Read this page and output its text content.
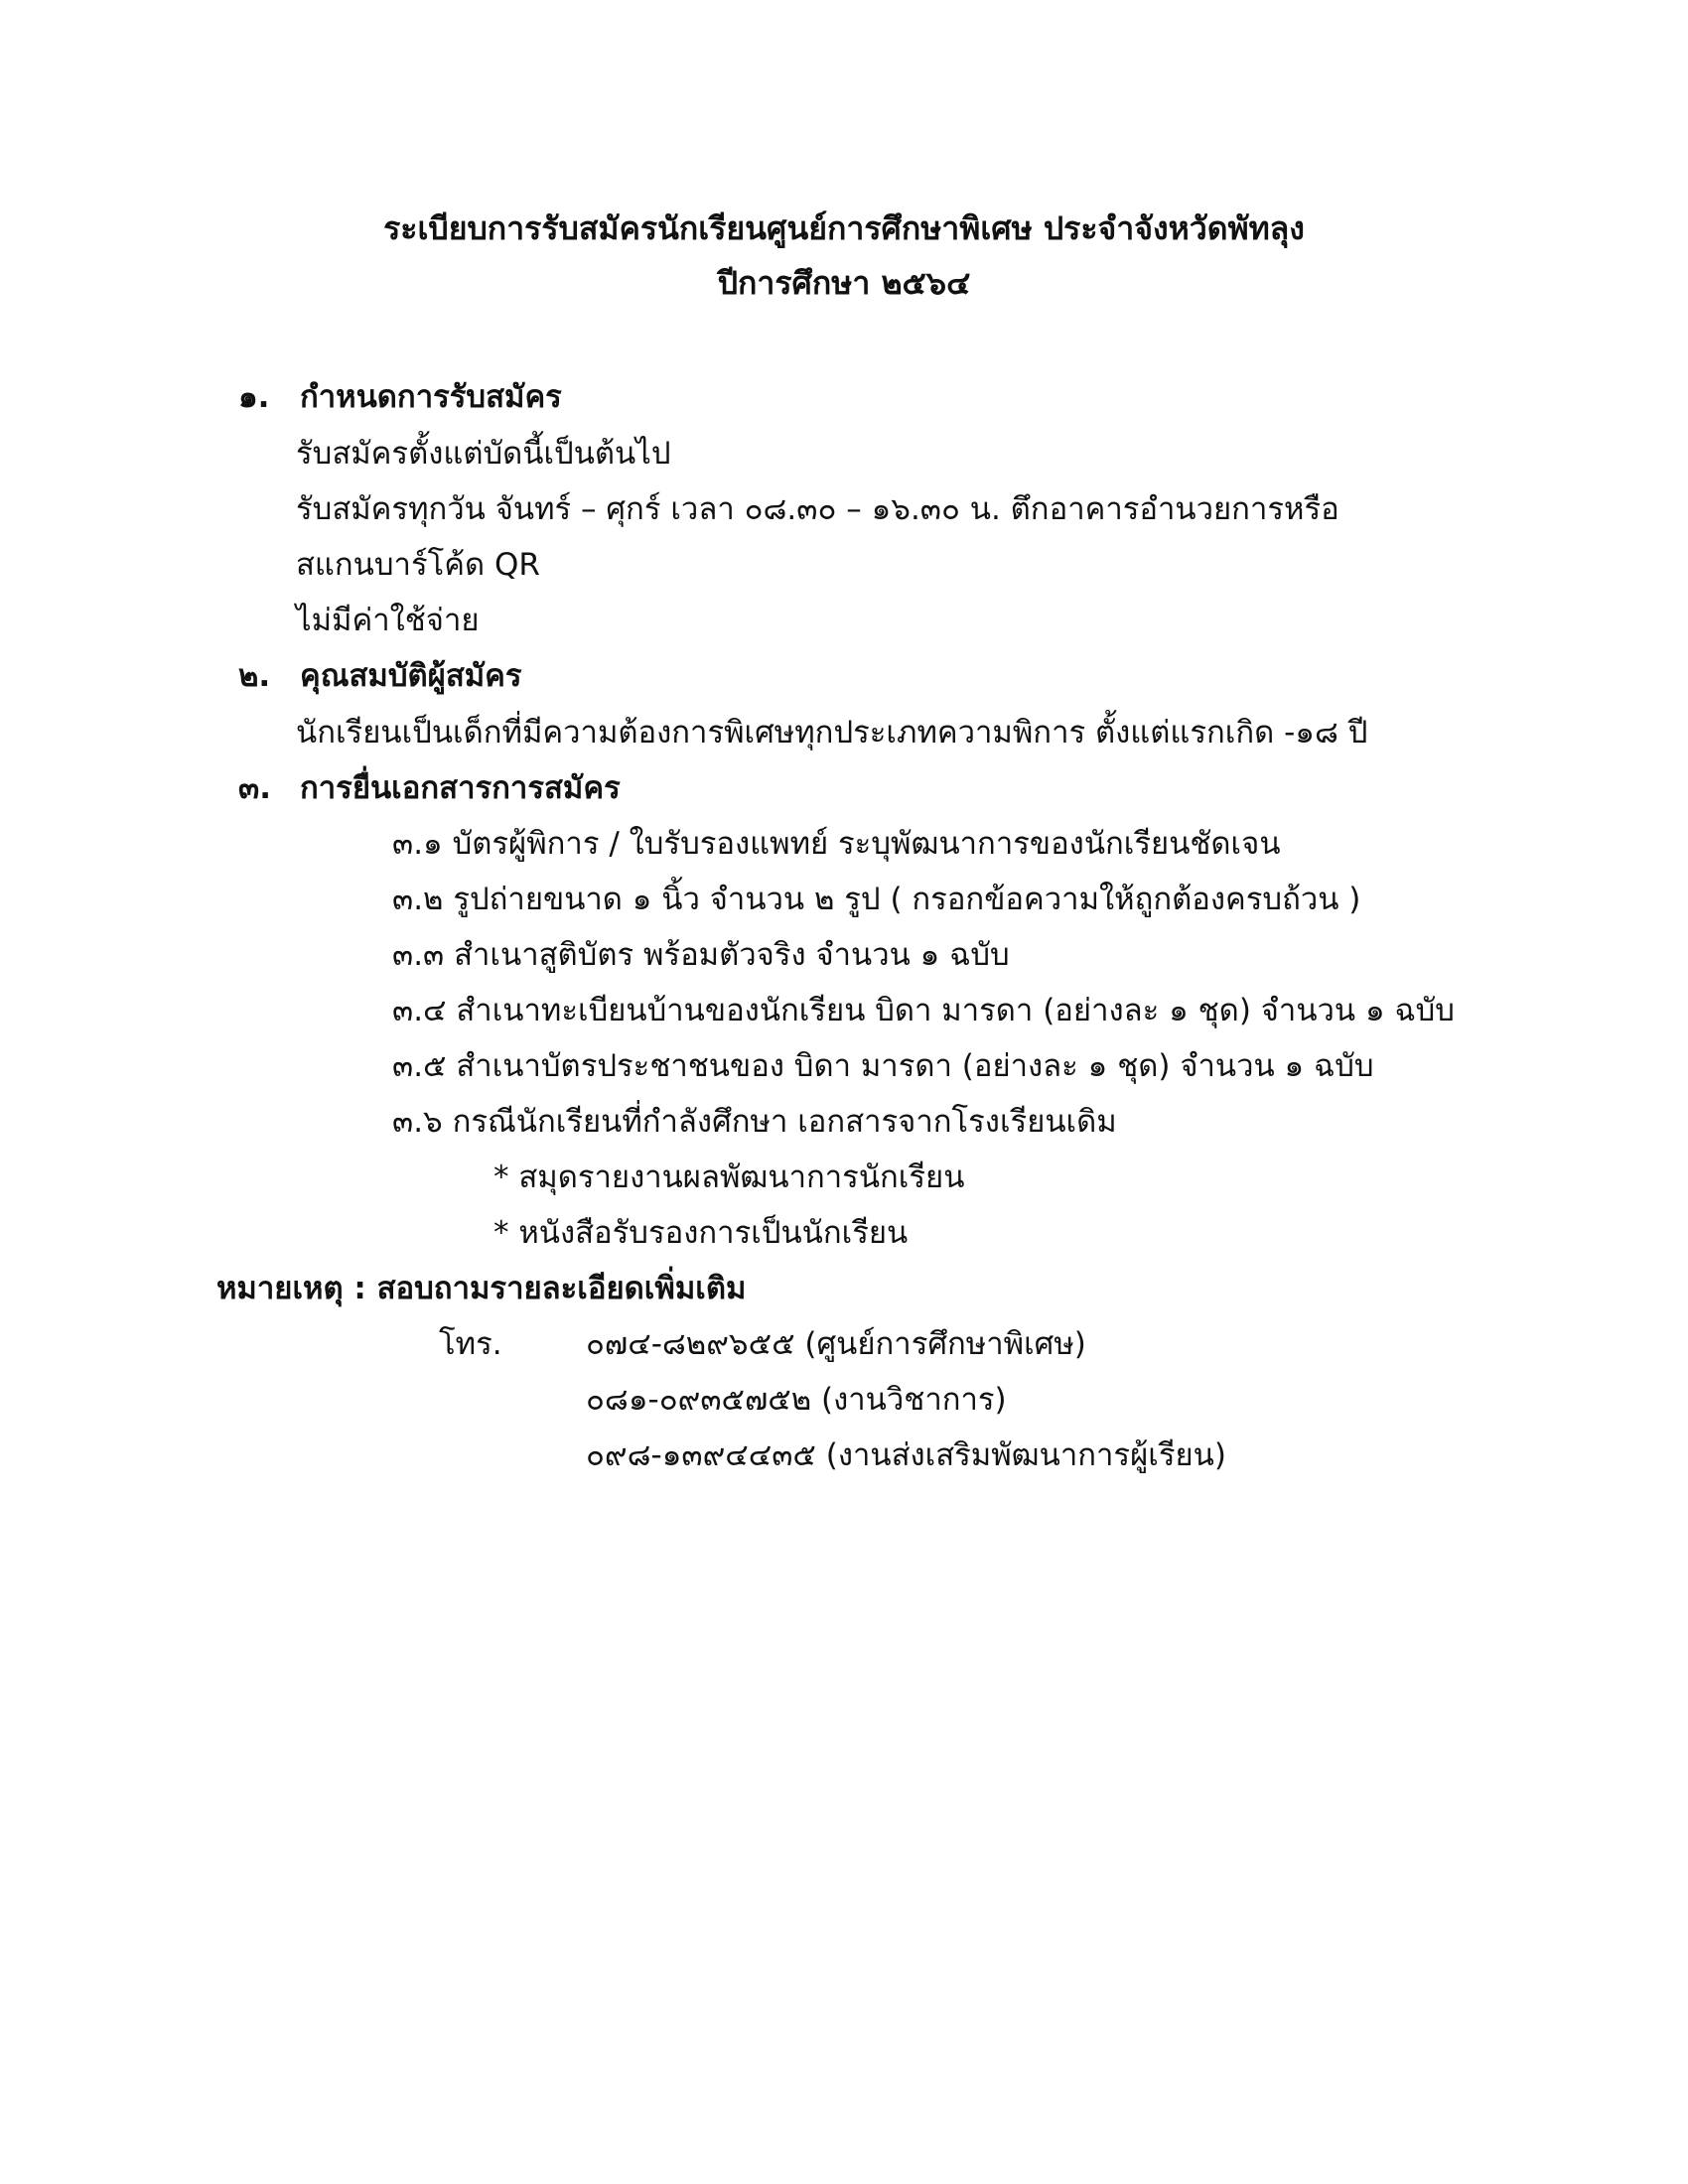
ระเบียบการรับสมัครนักเรียนศูนย์การศึกษาพิเศษ ประจำจังหวัดพัทลุง
ปีการศึกษา ๒๕๖๔
๑. กำหนดการรับสมัคร
รับสมัครตั้งแต่บัดนี้เป็นต้นไป
รับสมัครทุกวัน จันทร์ – ศุกร์ เวลา ๐๘.๓๐ – ๑๖.๓๐ น. ตึกอาคารอำนวยการหรือ
สแกนบาร์โค้ด QR
ไม่มีค่าใช้จ่าย
๒. คุณสมบัติผู้สมัคร
นักเรียนเป็นเด็กที่มีความต้องการพิเศษทุกประเภทความพิการ ตั้งแต่แรกเกิด -๑๘ ปี
๓. การยื่นเอกสารการสมัคร
๓.๑ บัตรผู้พิการ / ใบรับรองแพทย์ ระบุพัฒนาการของนักเรียนชัดเจน
๓.๒ รูปถ่ายขนาด ๑ นิ้ว จำนวน ๒ รูป ( กรอกข้อความให้ถูกต้องครบถ้วน )
๓.๓ สำเนาสูติบัตร พร้อมตัวจริง จำนวน ๑ ฉบับ
๓.๔ สำเนาทะเบียนบ้านของนักเรียน บิดา มารดา (อย่างละ ๑ ชุด) จำนวน ๑ ฉบับ
๓.๕ สำเนาบัตรประชาชนของ บิดา มารดา (อย่างละ ๑ ชุด) จำนวน ๑ ฉบับ
๓.๖ กรณีนักเรียนที่กำลังศึกษา เอกสารจากโรงเรียนเดิม
* สมุดรายงานผลพัฒนาการนักเรียน
* หนังสือรับรองการเป็นนักเรียน
หมายเหตุ : สอบถามรายละเอียดเพิ่มเติม
โทร.	๐๗๔-๘๒๙๖๕๕ (ศูนย์การศึกษาพิเศษ)
๐๘๑-๐๙๓๕๗๕๒ (งานวิชาการ)
๐๙๘-๑๓๙๔๔๓๕ (งานส่งเสริมพัฒนาการผู้เรียน)
